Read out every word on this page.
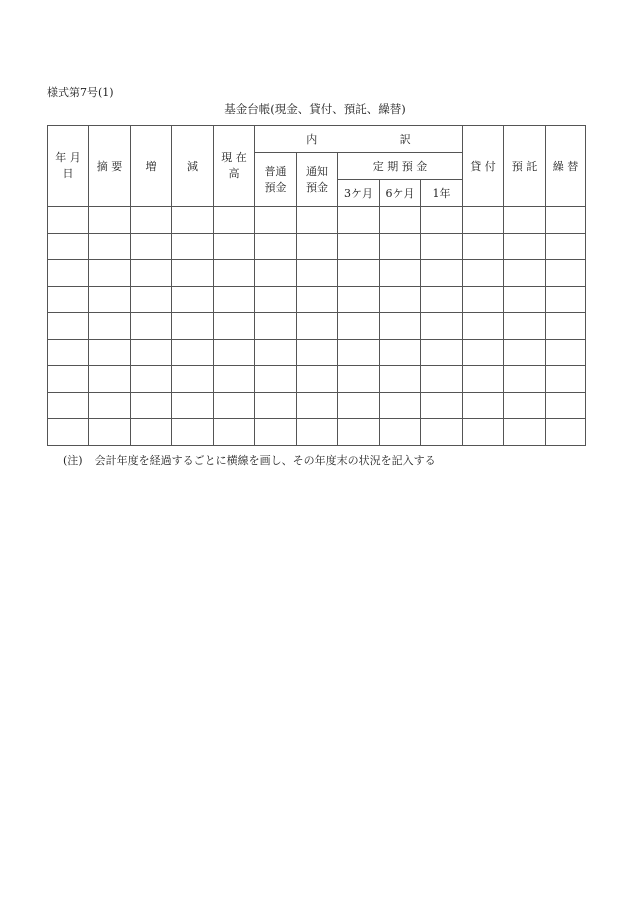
様式第7号(1)
基金台帳(現金、貸付、預託、繰替)
年 月 日	摘 要	増	減	現 在 高	内 訳					貸 付	預 託	繰 替
					普通 預金	通知 預金	定 期 預 金					
							3ケ月	6ケ月	1年			

(注) 会計年度を経過するごとに横線を画し、その年度末の状況を記入する
